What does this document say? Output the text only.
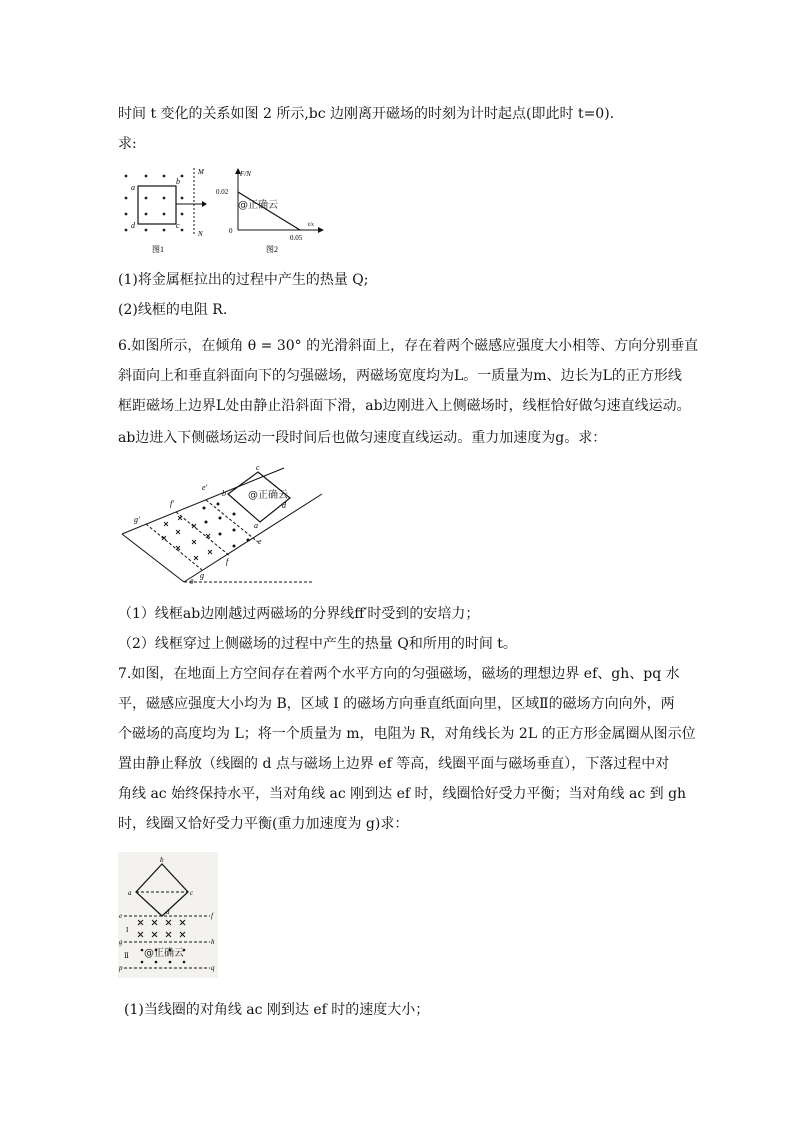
时间 t 变化的关系如图 2 所示,bc 边刚离开磁场的时刻为计时起点(即此时 t=0).
求:
a
b
c
d
M
N
图1
F/N
t/s
0.02
0.05
0
@正确云
图2
(1)将金属框拉出的过程中产生的热量 Q;
(2)线框的电阻 R.
6.如图所示，在倾角 θ = 30° 的光滑斜面上，存在着两个磁感应强度大小相等、方向分别垂直
斜面向上和垂直斜面向下的匀强磁场，两磁场宽度均为L。一质量为m、边长为L的正方形线
框距磁场上边界L处由静止沿斜面下滑，ab边刚进入上侧磁场时，线框恰好做匀速直线运动。
ab边进入下侧磁场运动一段时间后也做匀速度直线运动。重力加速度为g。求：
@正确云
g′
f′
e′
b
c
d
a
e
f
g
θ
（1）线框ab边刚越过两磁场的分界线ff′时受到的安培力；
（2）线框穿过上侧磁场的过程中产生的热量 Q和所用的时间 t。
7.如图，在地面上方空间存在着两个水平方向的匀强磁场，磁场的理想边界 ef、gh、pq 水
平，磁感应强度大小均为 B，区域 I 的磁场方向垂直纸面向里，区域Ⅱ的磁场方向向外，两
个磁场的高度均为 L；将一个质量为 m，电阻为 R，对角线长为 2L 的正方形金属圈从图示位
置由静止释放（线圈的 d 点与磁场上边界 ef 等高，线圈平面与磁场垂直），下落过程中对
角线 ac 始终保持水平，当对角线 ac 刚到达 ef 时，线圈恰好受力平衡；当对角线 ac 到 gh
时，线圈又恰好受力平衡(重力加速度为 g)求：
@正确云
b
a	c
d
e	f
g	h
p	q
I
Ⅱ
(1)当线圈的对角线 ac 刚到达 ef 时的速度大小；
